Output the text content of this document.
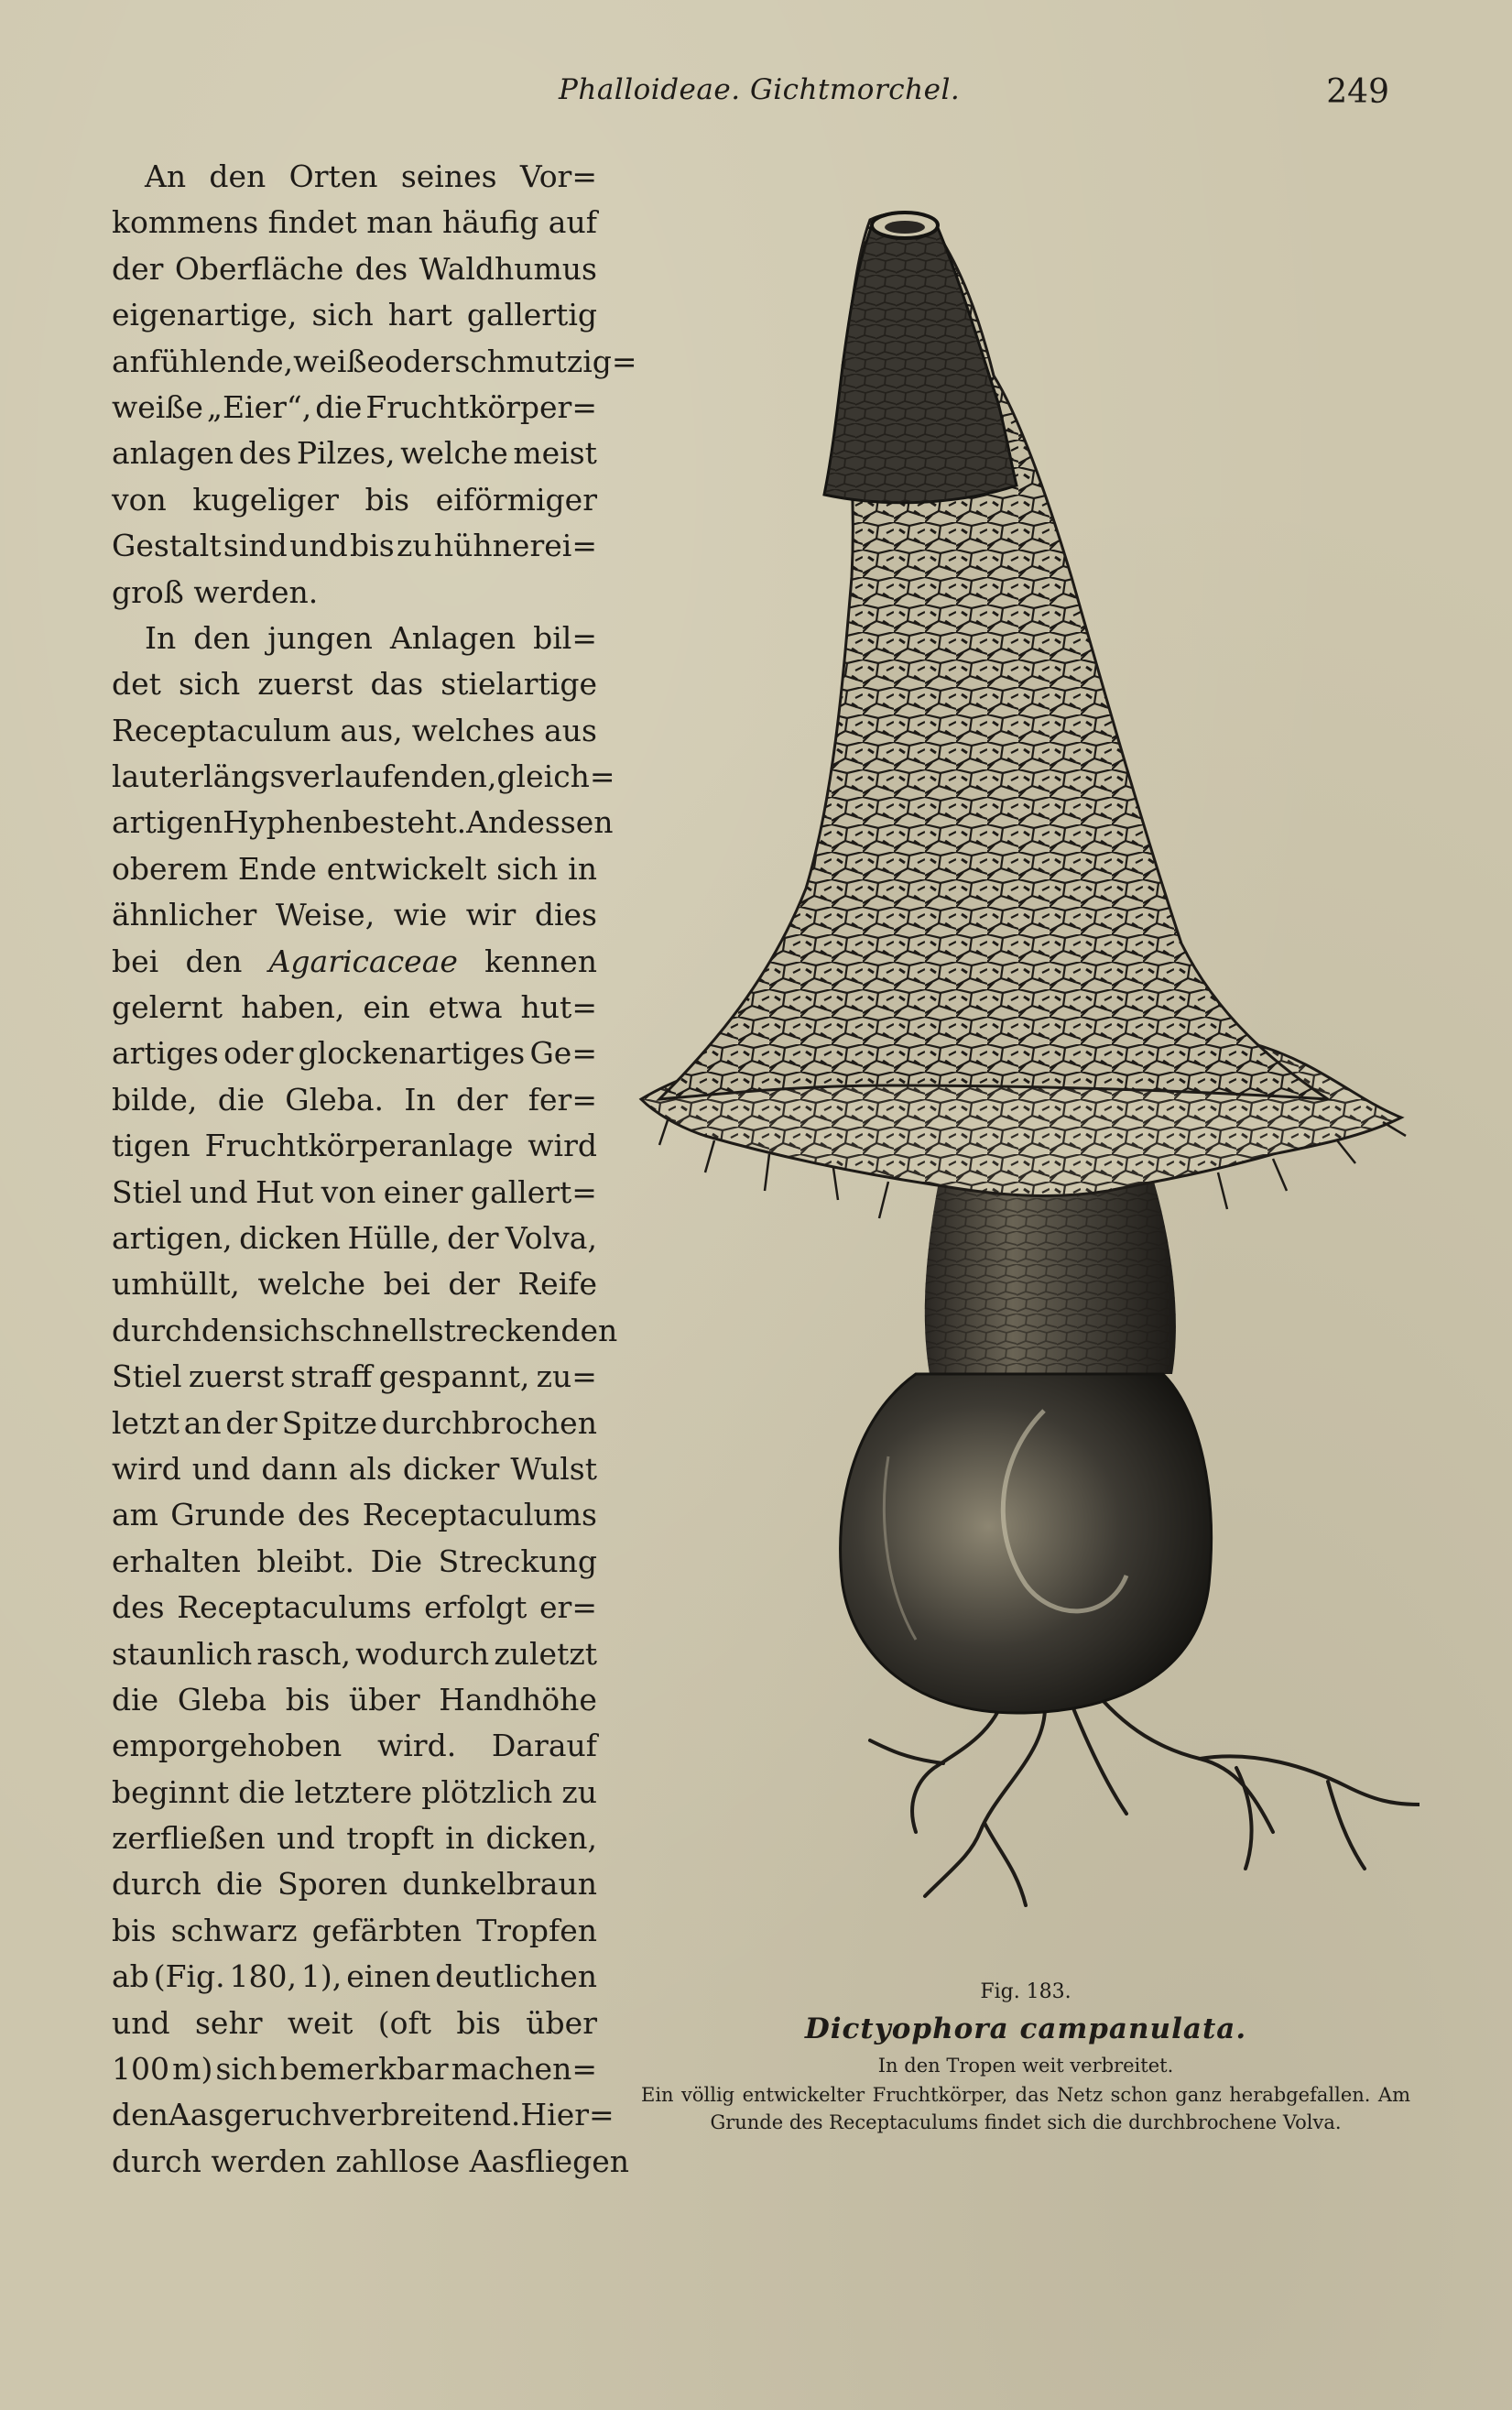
Phalloideae. Gichtmorchel.	249
An den Orten seines Vor=
kommens findet man häufig auf
der Oberfläche des Waldhumus
eigenartige, sich hart gallertig
anfühlende, weiße oder schmutzig=
weiße „Eier“, die Fruchtkörper=
anlagen des Pilzes, welche meist
von kugeliger bis eiförmiger
Gestalt sind und bis zu hühnerei=
groß werden.
In den jungen Anlagen bil=
det sich zuerst das stielartige
Receptaculum aus, welches aus
lauter längs verlaufenden, gleich=
artigen Hyphen besteht. An dessen
oberem Ende entwickelt sich in
ähnlicher Weise, wie wir dies
bei den Agaricaceae kennen
gelernt haben, ein etwa hut=
artiges oder glockenartiges Ge=
bilde, die Gleba. In der fer=
tigen Fruchtkörperanlage wird
Stiel und Hut von einer gallert=
artigen, dicken Hülle, der Volva,
umhüllt, welche bei der Reife
durch den sich schnell streckenden
Stiel zuerst straff gespannt, zu=
letzt an der Spitze durchbrochen
wird und dann als dicker Wulst
am Grunde des Receptaculums
erhalten bleibt. Die Streckung
des Receptaculums erfolgt er=
staunlich rasch, wodurch zuletzt
die Gleba bis über Handhöhe
emporgehoben wird. Darauf
beginnt die letztere plötzlich zu
zerfließen und tropft in dicken,
durch die Sporen dunkelbraun
bis schwarz gefärbten Tropfen
ab (Fig. 180, 1), einen deutlichen
und sehr weit (oft bis über
100 m) sich bemerkbar machen=
den Aasgeruch verbreitend. Hier=
durch werden zahllose Aasfliegen
Fig. 183.
Dictyophora campanulata.
In den Tropen weit verbreitet.
Ein völlig entwickelter Fruchtkörper, das Netz schon ganz herabgefallen. Am Grunde des Receptaculums findet sich die durchbrochene Volva.
